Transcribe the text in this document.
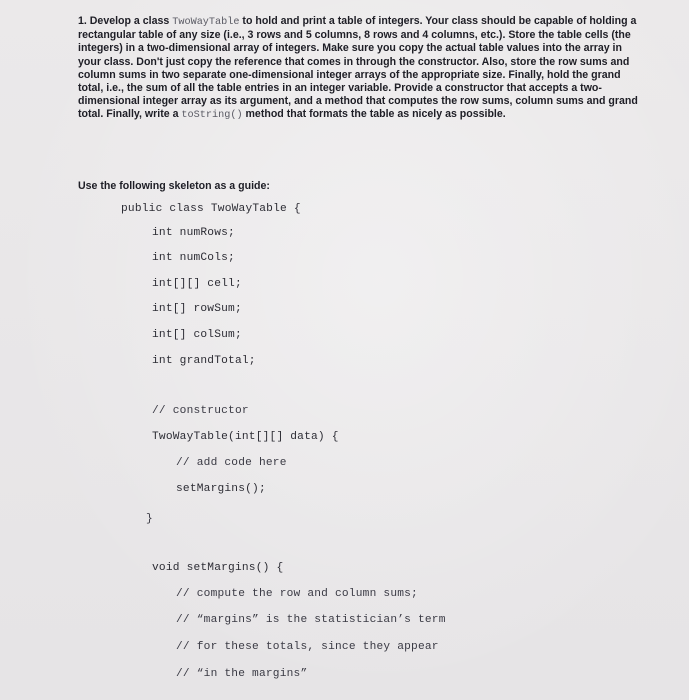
1. Develop a class TwoWayTable to hold and print a table of integers. Your class should be capable of holding a rectangular table of any size (i.e., 3 rows and 5 columns, 8 rows and 4 columns, etc.). Store the table cells (the integers) in a two-dimensional array of integers. Make sure you copy the actual table values into the array in your class. Don't just copy the reference that comes in through the constructor. Also, store the row sums and column sums in two separate one-dimensional integer arrays of the appropriate size. Finally, hold the grand total, i.e., the sum of all the table entries in an integer variable. Provide a constructor that accepts a two-dimensional integer array as its argument, and a method that computes the row sums, column sums and grand total. Finally, write a toString() method that formats the table as nicely as possible.
Use the following skeleton as a guide:
public class TwoWayTable {
int numRows;
int numCols;
int[][] cell;
int[] rowSum;
int[] colSum;
int grandTotal;
// constructor
TwoWayTable(int[][] data) {
// add code here
setMargins();
}
void setMargins() {
// compute the row and column sums;
// “margins” is the statistician’s term
// for these totals, since they appear
// “in the margins”
